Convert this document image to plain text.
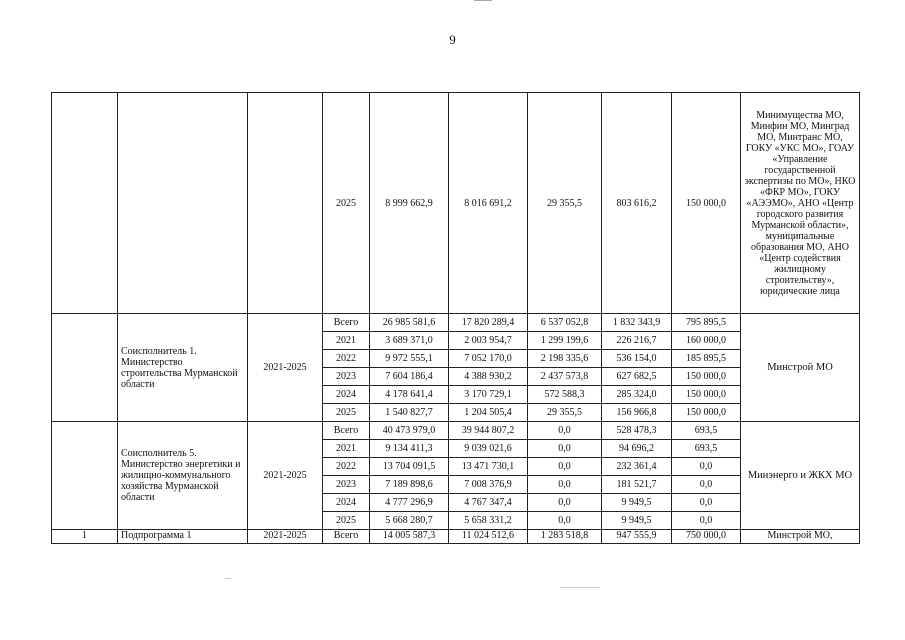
9
			2025	8 999 662,9	8 016 691,2	29 355,5	803 616,2	150 000,0	Минимущества МО, Минфин МО, Минград МО, Минтранс МО, ГОКУ «УКС МО», ГОАУ «Управление государственной экспертизы по МО», НКО «ФКР МО», ГОКУ «АЭЭМО», АНО «Центр городского развития Мурманской области», муниципальные образования МО, АНО «Центр содействия жилищному строительству», юридические лица
	Соисполнитель 1. Министерство строительства Мурманской области	2021-2025	Всего	26 985 581,6	17 820 289,4	6 537 052,8	1 832 343,9	795 895,5	Минстрой МО
			2021	3 689 371,0	2 003 954,7	1 299 199,6	226 216,7	160 000,0	
			2022	9 972 555,1	7 052 170,0	2 198 335,6	536 154,0	185 895,5	
			2023	7 604 186,4	4 388 930,2	2 437 573,8	627 682,5	150 000,0	
			2024	4 178 641,4	3 170 729,1	572 588,3	285 324,0	150 000,0	
			2025	1 540 827,7	1 204 505,4	29 355,5	156 966,8	150 000,0	
	Соисполнитель 5. Министерство энергетики и жилищно-коммунального хозяйства Мурманской области	2021-2025	Всего	40 473 979,0	39 944 807,2	0,0	528 478,3	693,5	Минэнерго и ЖКХ МО
			2021	9 134 411,3	9 039 021,6	0,0	94 696,2	693,5	
			2022	13 704 091,5	13 471 730,1	0,0	232 361,4	0,0	
			2023	7 189 898,6	7 008 376,9	0,0	181 521,7	0,0	
			2024	4 777 296,9	4 767 347,4	0,0	9 949,5	0,0	
			2025	5 668 280,7	5 658 331,2	0,0	9 949,5	0,0	
1	Подпрограмма 1	2021-2025	Всего	14 005 587,3	11 024 512,6	1 283 518,8	947 555,9	750 000,0	Минстрой МО,
